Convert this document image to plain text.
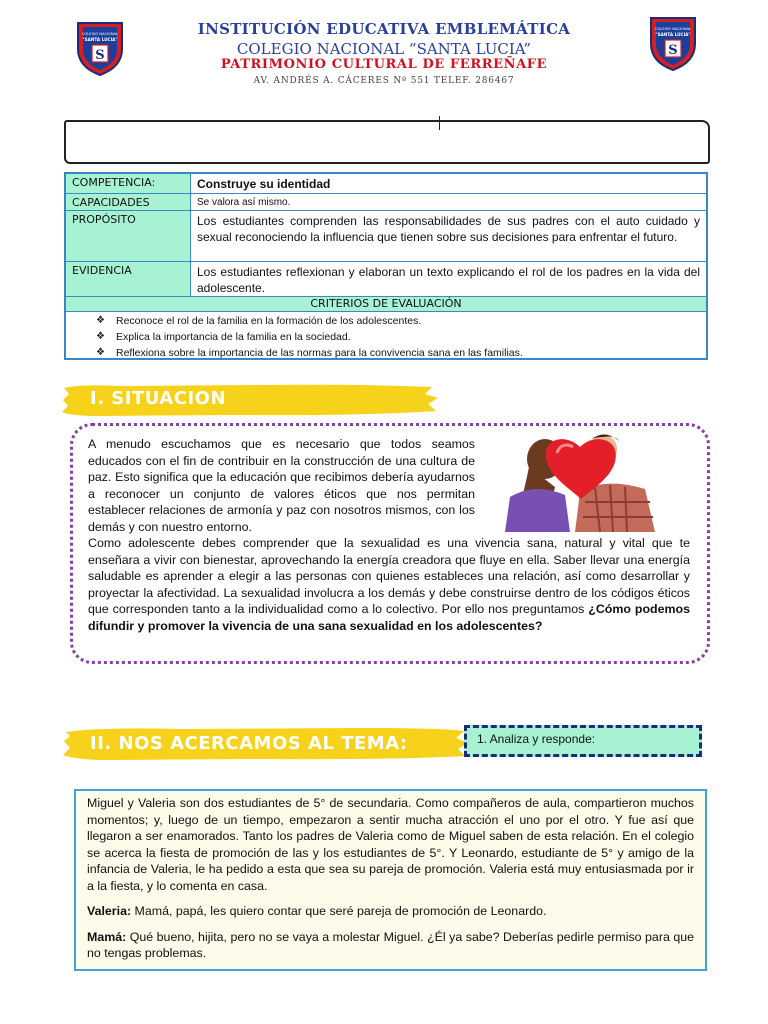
COLEGIO NACIONAL
"SANTA LUCIA"
S
COLEGIO NACIONAL
"SANTA LUCIA"
S
INSTITUCIÓN EDUCATIVA EMBLEMÁTICA
COLEGIO NACIONAL “SANTA LUCIA”
PATRIMONIO CULTURAL DE FERREÑAFE
AV. ANDRÉS A. CÁCERES Nº 551 TELEF. 286467
COMPETENCIA:	Construye su identidad
CAPACIDADES	Se valora así mismo.
PROPÓSITO	Los estudiantes comprenden las responsabilidades de sus padres con el auto cuidado y sexual reconociendo la influencia que tienen sobre sus decisiones para enfrentar el futuro.
EVIDENCIA	Los estudiantes reflexionan y elaboran un texto explicando el rol de los padres en la vida del adolescente.
CRITERIOS DE EVALUACIÓN
❖	Reconoce el rol de la familia en la formación de los adolescentes.
❖	Explica la importancia de la familia en la sociedad.
❖	Reflexiona sobre la importancia de las normas para la convivencia sana en las familias.
I. SITUACION
A menudo escuchamos que es necesario que todos seamos educados con el fin de contribuir en la construcción de una cultura de paz. Esto significa que la educación que recibimos debería ayudarnos a reconocer un conjunto de valores éticos que nos permitan establecer relaciones de armonía y paz con nosotros mismos, con los demás y con nuestro entorno.
Como adolescente debes comprender que la sexualidad es una vivencia sana, natural y vital que te enseñara a vivir con bienestar, aprovechando la energía creadora que fluye en ella. Saber llevar una energía saludable es aprender a elegir a las personas con quienes estableces una relación, así como desarrollar y proyectar la afectividad. La sexualidad involucra a los demás y debe construirse dentro de los códigos éticos que corresponden tanto a la individualidad como a lo colectivo. Por ello nos preguntamos ¿Cómo podemos difundir y promover la vivencia de una sana sexualidad en los adolescentes?
II. NOS ACERCAMOS AL TEMA:	1. Analiza y responde:

Miguel y Valeria son dos estudiantes de 5° de secundaria. Como compañeros de aula, compartieron muchos momentos; y, luego de un tiempo, empezaron a sentir mucha atracción el uno por el otro. Y fue así que llegaron a ser enamorados. Tanto los padres de Valeria como de Miguel saben de esta relación. En el colegio se acerca la fiesta de promoción de las y los estudiantes de 5°. Y Leonardo, estudiante de 5° y amigo de la infancia de Valeria, le ha pedido a esta que sea su pareja de promoción. Valeria está muy entusiasmada por ir a la fiesta, y lo comenta en casa.

Valeria: Mamá, papá, les quiero contar que seré pareja de promoción de Leonardo.

Mamá: Qué bueno, hijita, pero no se vaya a molestar Miguel. ¿Él ya sabe? Deberías pedirle permiso para que no tengas problemas.
